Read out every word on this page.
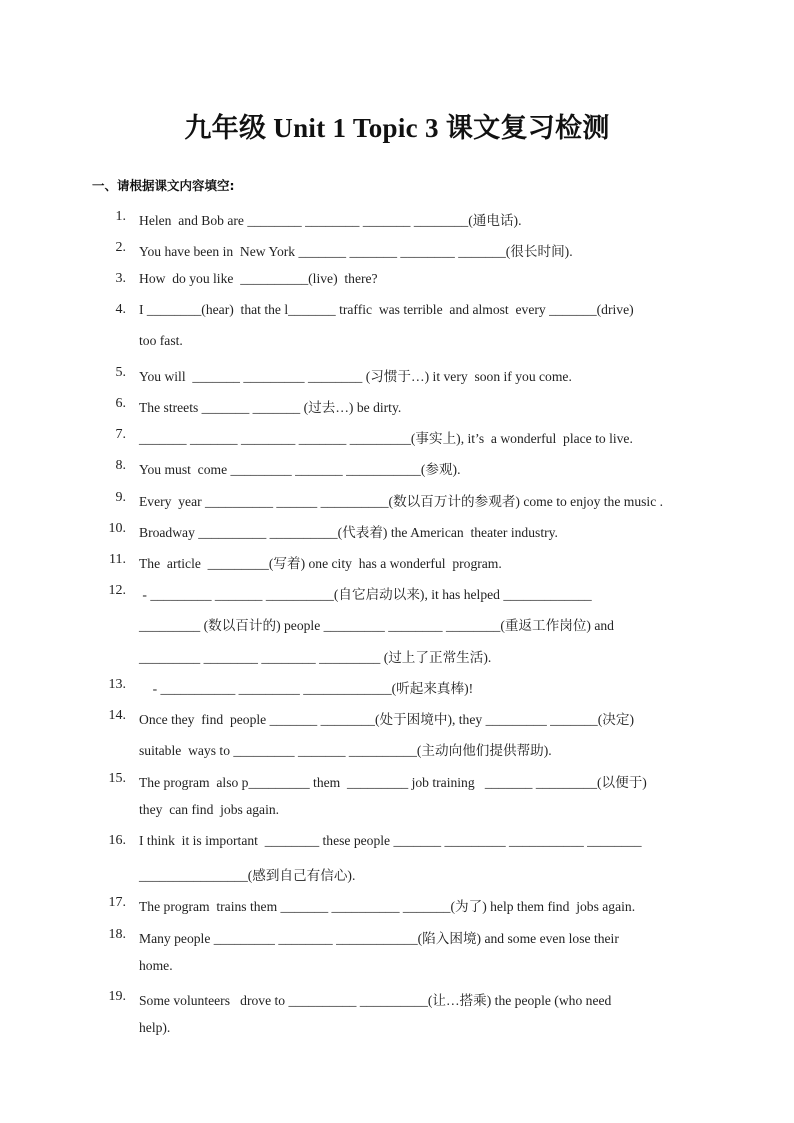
九年级 Unit 1 Topic 3 课文复习检测
一、请根据课文内容填空:
1. Helen  and Bob are ________ ________ _______ ________(通电话).
2. You have been in  New York _______ _______ ________ _______(很长时间).
3. How  do you like  __________(live)  there?
4. I ________(hear)  that the l_______ traffic  was terrible  and almost  every _______(drive)
too fast.
5. You will  _______ _________ ________ (习惯于…) it very  soon if you come.
6. The streets _______ _______ (过去…) be dirty.
7. _______ _______ ________ _______ _________(事实上), it’s  a wonderful  place to live.
8. You must  come _________ _______ ___________(参观).
9. Every  year __________ ______ __________(数以百万计的参观者) come to enjoy the music .
10. Broadway __________ __________(代表着) the American  theater industry.
11. The  article  _________(写着) one city  has a wonderful  program.
12. - _________ _______ __________(自它启动以来), it has helped _____________
_________ (数以百计的) people _________ ________ ________(重返工作岗位) and
_________ ________ ________ _________ (过上了正常生活).
13. - ___________ _________ _____________(听起来真棒)!
14. Once they  find  people _______ ________(处于困境中), they _________ _______(决定)
suitable  ways to _________ _______ __________(主动向他们提供帮助).
15. The program  also p_________ them  _________ job training   _______ _________(以便于)
they  can find  jobs again.
16. I think  it is important  ________ these people _______ _________ ___________ ________
________________(感到自己有信心).
17. The program  trains them _______ __________ _______(为了) help them find  jobs again.
18. Many people _________ ________ ____________(陷入困境) and some even lose their
home.
19. Some volunteers   drove to __________ __________(让…搭乘) the people (who need
help).
